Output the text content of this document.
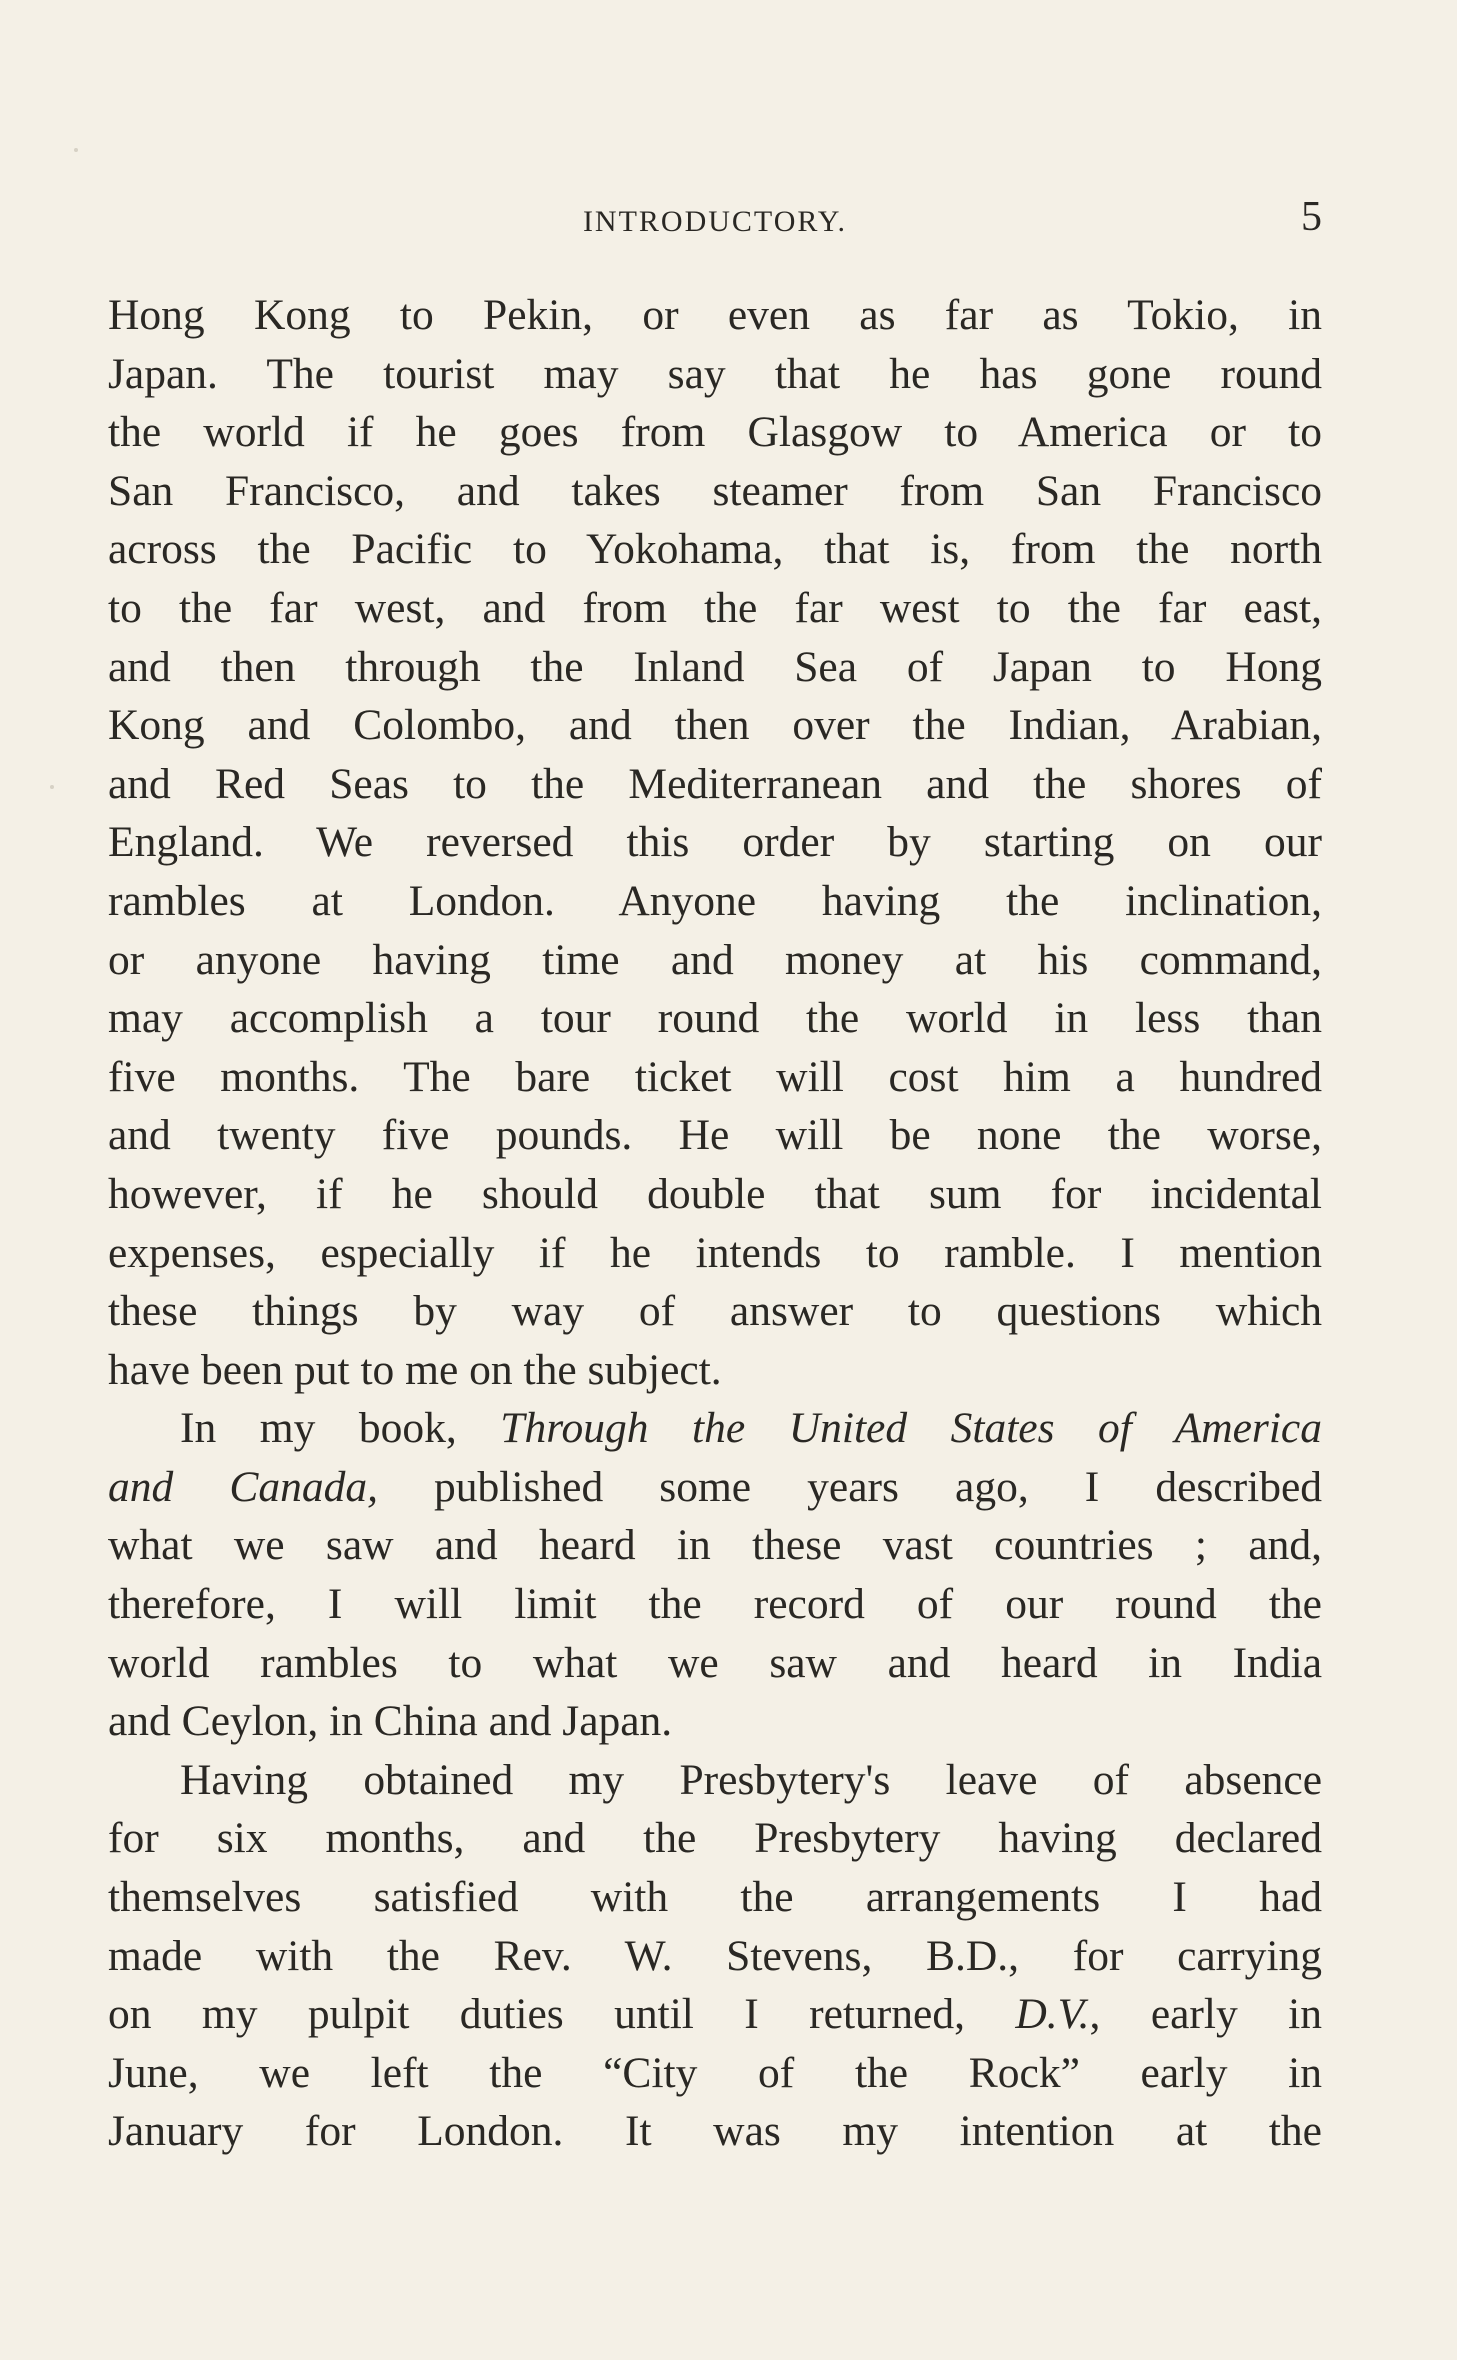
INTRODUCTORY.	5
Hong Kong to Pekin, or even as far as Tokio, in
Japan. The tourist may say that he has gone round
the world if he goes from Glasgow to America or to
San Francisco, and takes steamer from San Francisco
across the Pacific to Yokohama, that is, from the north
to the far west, and from the far west to the far east,
and then through the Inland Sea of Japan to Hong
Kong and Colombo, and then over the Indian, Arabian,
and Red Seas to the Mediterranean and the shores of
England. We reversed this order by starting on our
rambles at London. Anyone having the inclination,
or anyone having time and money at his command,
may accomplish a tour round the world in less than
five months. The bare ticket will cost him a hundred
and twenty five pounds. He will be none the worse,
however, if he should double that sum for incidental
expenses, especially if he intends to ramble. I mention
these things by way of answer to questions which
have been put to me on the subject.
In my book, Through the United States of America
and Canada, published some years ago, I described
what we saw and heard in these vast countries ; and,
therefore, I will limit the record of our round the
world rambles to what we saw and heard in India
and Ceylon, in China and Japan.
Having obtained my Presbytery's leave of absence
for six months, and the Presbytery having declared
themselves satisfied with the arrangements I had
made with the Rev. W. Stevens, B.D., for carrying
on my pulpit duties until I returned, D.V., early in
June, we left the “City of the Rock” early in
January for London. It was my intention at the
